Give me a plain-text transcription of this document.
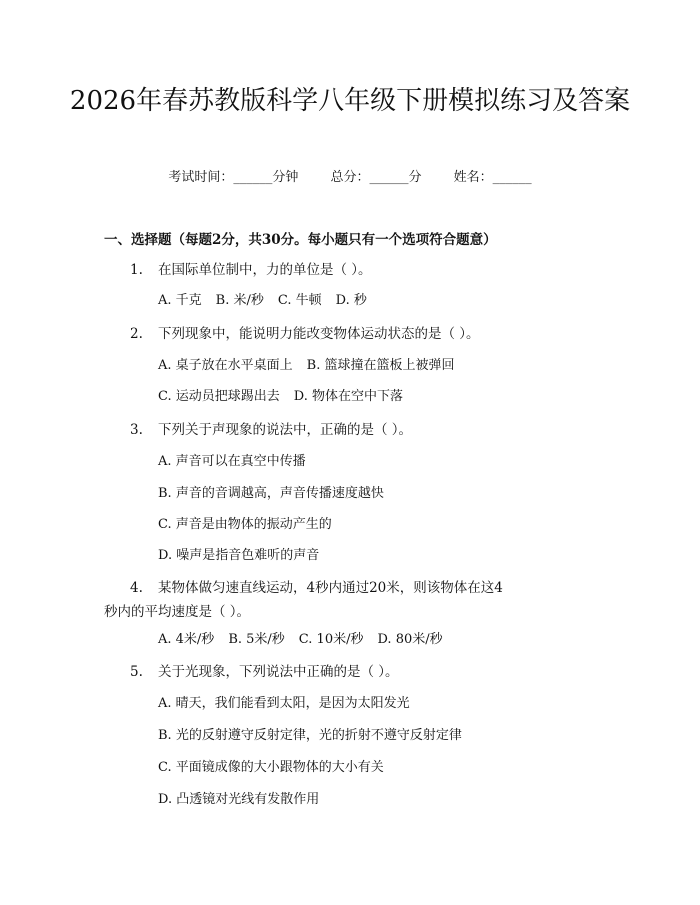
2026年春苏教版科学八年级下册模拟练习及答案
考试时间：______分钟 总分：______分 姓名：______
一、选择题（每题2分，共30分。每小题只有一个选项符合题意）
1. 在国际单位制中，力的单位是（ ）。
A. 千克 B. 米/秒 C. 牛顿 D. 秒
2. 下列现象中，能说明力能改变物体运动状态的是（ ）。
A. 桌子放在水平桌面上 B. 篮球撞在篮板上被弹回
C. 运动员把球踢出去 D. 物体在空中下落
3. 下列关于声现象的说法中，正确的是（ ）。
A. 声音可以在真空中传播
B. 声音的音调越高，声音传播速度越快
C. 声音是由物体的振动产生的
D. 噪声是指音色难听的声音
4. 某物体做匀速直线运动，4秒内通过20米，则该物体在这4秒内的平均速度是（ ）。
A. 4米/秒 B. 5米/秒 C. 10米/秒 D. 80米/秒
5. 关于光现象，下列说法中正确的是（ ）。
A. 晴天，我们能看到太阳，是因为太阳发光
B. 光的反射遵守反射定律，光的折射不遵守反射定律
C. 平面镜成像的大小跟物体的大小有关
D. 凸透镜对光线有发散作用
